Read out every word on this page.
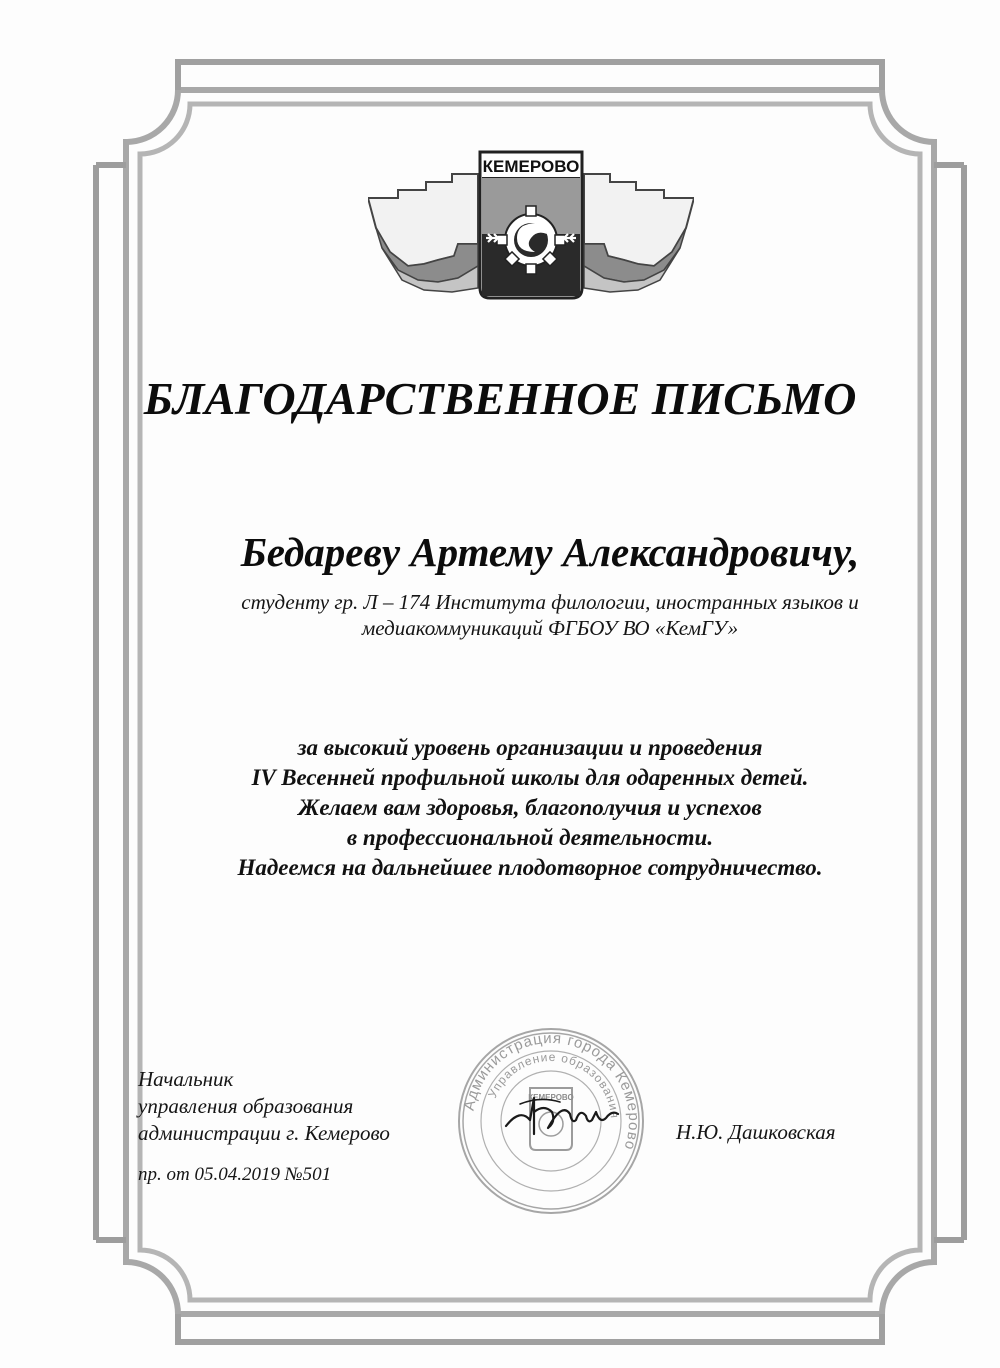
КЕМЕРОВО
БЛАГОДАРСТВЕННОЕ ПИСЬМО
Бедареву Артему Александровичу,
студенту гр. Л – 174 Института филологии, иностранных языков и
медиакоммуникаций ФГБОУ ВО «КемГУ»
за высокий уровень организации и проведения
IV Весенней профильной школы для одаренных детей.
Желаем вам здоровья, благополучия и успехов
в профессиональной деятельности.
Надеемся на дальнейшее плодотворное сотрудничество.
Начальник
управления образования
администрации г. Кемерово
пр. от 05.04.2019 №501
Администрация города Кемерово
Управление образования
КЕМЕРОВО
Н.Ю. Дашковская
